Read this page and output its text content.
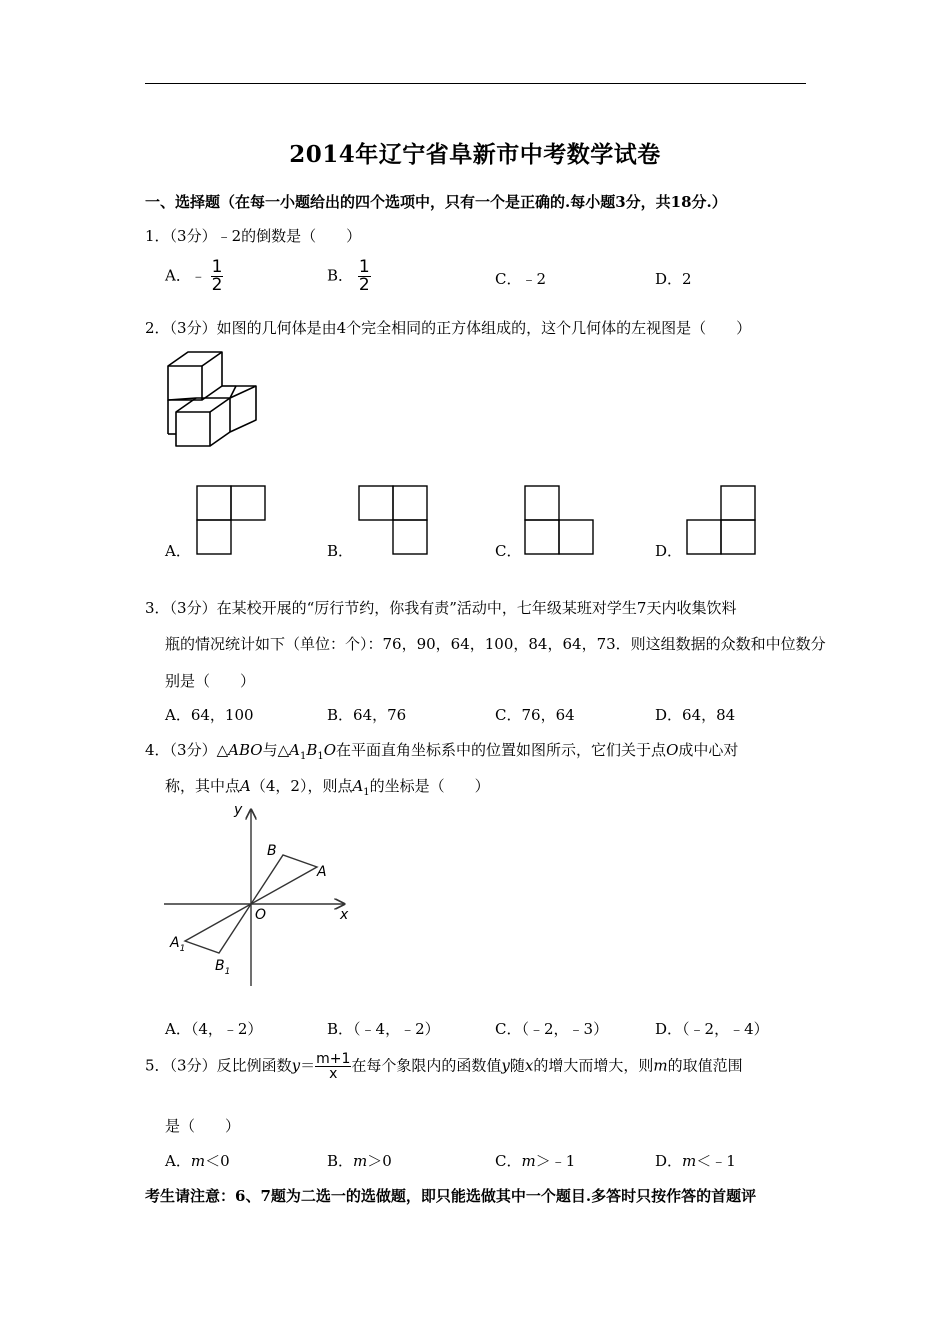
2014年辽宁省阜新市中考数学试卷
一、选择题（在每一小题给出的四个选项中，只有一个是正确的.每小题3分，共18分.）
1．（3分）﹣2的倒数是（　　）
A．﹣ $\frac{1}{2}$	B． $\frac{1}{2}$	C．﹣2	D．2
2．（3分）如图的几何体是由4个完全相同的正方体组成的，这个几何体的左视图是（　　）
A．	B．	C．	D．
3．（3分）在某校开展的“厉行节约，你我有责”活动中，七年级某班对学生7天内收集饮料
瓶的情况统计如下（单位：个）：76，90，64，100，84，64，73．则这组数据的众数和中位数分
别是（　　）
A．64，100	B．64，76	C．76，64	D．64，84
4．（3分）△ABO与$\triangle A_1B_1O$在平面直角坐标系中的位置如图所示，它们关于点O成中心对
称，其中点A（4，2），则点$A_1$的坐标是（　　）
y
x
O
A
B
$A_1$
$B_1$
A．（4，﹣2）	B．（﹣4，﹣2）	C．（﹣2，﹣3）	D．（﹣2，﹣4）
5．（3分）反比例函数$y= \frac{m+1}{x}$ 在每个象限内的函数值y随x的增大而增大，则m的取值范围
是（　　）
A．m＜0	B．m＞0	C．m＞﹣1	D．m＜﹣1
考生请注意：6、7题为二选一的选做题，即只能选做其中一个题目.多答时只按作答的首题评
